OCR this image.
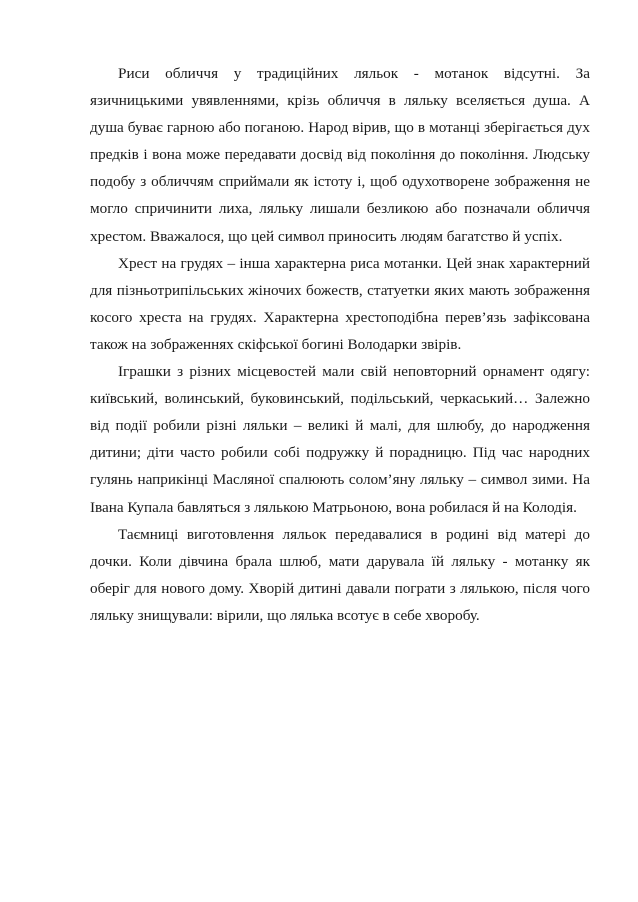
Риси обличчя у традиційних ляльок - мотанок відсутні. За язичницькими увявленнями, крізь обличчя в ляльку вселяється душа. А душа буває гарною або поганою. Народ вірив, що в мотанці зберігається дух предків і вона може передавати досвід від покоління до покоління. Людську подобу з обличчям сприймали як істоту і, щоб одухотворене зображення не могло спричинити лиха, ляльку лишали безликою або позначали обличчя хрестом. Вважалося, що цей символ приносить людям багатство й успіх.

Хрест на грудях – інша характерна риса мотанки. Цей знак характерний для пізньотрипільських жіночих божеств, статуетки яких мають зображення косого хреста на грудях. Характерна хрестоподібна перев’язь зафіксована також на зображеннях скіфської богині Володарки звірів.

Іграшки з різних місцевостей мали свій неповторний орнамент одягу: київський, волинський, буковинський, подільський, черкаський… Залежно від події робили різні ляльки – великі й малі, для шлюбу, до народження дитини; діти часто робили собі подружку й порадницю. Під час народних гулянь наприкінці Масляної спалюють солом’яну ляльку – символ зими. На Івана Купала бавляться з лялькою Матрьоною, вона робилася й на Колодія.

Таємниці виготовлення ляльок передавалися в родині від матері до дочки. Коли дівчина брала шлюб, мати дарувала їй ляльку - мотанку як оберіг для нового дому. Хворій дитині давали пограти з лялькою, після чого ляльку знищували: вірили, що лялька всотує в себе хворобу.
